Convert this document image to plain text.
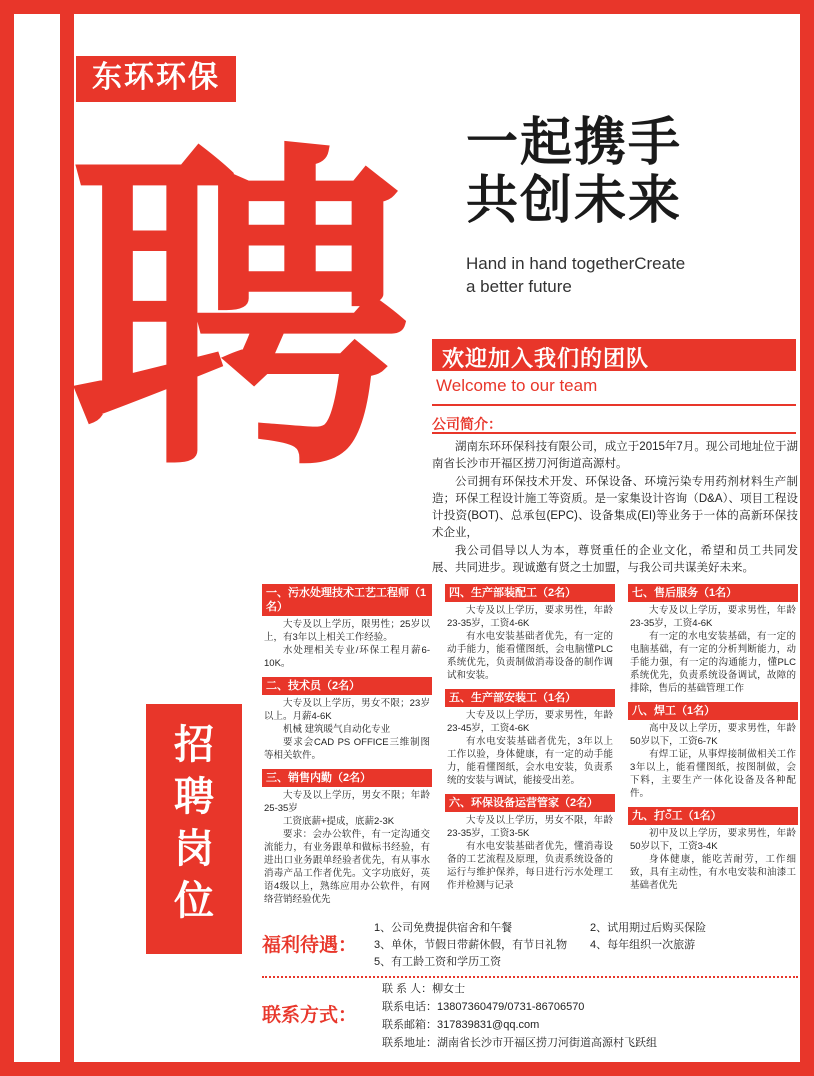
东环环保
聘
招聘岗位
一起携手
共创未来
Hand in hand togetherCreate
a better future
欢迎加入我们的团队
Welcome to our team
公司简介：

湖南东环环保科技有限公司，成立于2015年7月。现公司地址位于湖南省长沙市开福区捞刀河街道高源村。

公司拥有环保技术开发、环保设备、环境污染专用药剂材料生产制造；环保工程设计施工等资质。是一家集设计咨询（D&A）、项目工程设计投资(BOT)、总承包(EPC)、设备集成(EI)等业务于一体的高新环保技术企业，

我公司倡导以人为本，尊贤重任的企业文化，希望和员工共同发展、共同进步。现诚邀有贤之士加盟，与我公司共谋美好未来。

一、污水处理技术工艺工程师（1名）
大专及以上学历，限男性；25岁以上，有3年以上相关工作经验。
水处理相关专业/环保工程月薪6-10K。
二、技术员（2名）
大专及以上学历，男女不限；23岁以上。月薪4-6K
机械 建筑暖气自动化专业
要求会CAD PS OFFICE三维制图等相关软件。
三、销售内勤（2名）
大专及以上学历，男女不限；年龄25-35岁
工资底薪+提成，底薪2-3K
要求：会办公软件，有一定沟通交流能力，有业务跟单和做标书经验，有进出口业务跟单经验者优先，有从事水消毒产品工作者优先。文字功底好，英语4级以上，熟练应用办公软件，有网络营销经验优先
四、生产部装配工（2名）
大专及以上学历，要求男性，年龄23-35岁，工资4-6K
有水电安装基础者优先，有一定的动手能力，能看懂图纸，会电脑懂PLC系统优先，负责制做消毒设备的制作调试和安装。
五、生产部安装工（1名）
大专及以上学历，要求男性，年龄23-45岁，工资4-6K
有水电安装基础者优先，3年以上工作以验，身体健康，有一定的动手能力，能看懂图纸，会水电安装，负责系统的安装与调试，能接受出差。
六、环保设备运营管家（2名）
大专及以上学历，男女不限，年龄23-35岁，工资3-5K
有水电安装基础者优先，懂消毒设备的工艺流程及原理，负责系统设备的运行与维护保养，每日进行污水处理工作并检测与记录
七、售后服务（1名）
大专及以上学历，要求男性，年龄23-35岁，工资4-6K
有一定的水电安装基础，有一定的电脑基础，有一定的分析判断能力，动手能力强，有一定的沟通能力，懂PLC系统优先，负责系统设备调试，故障的排除，售后的基础管理工作
八、焊工（1名）
高中及以上学历，要求男性，年龄50岁以下，工资6-7K
有焊工证，从事焊接制做相关工作3年以上，能看懂图纸，按图制做，会下料，主要生产一体化设备及各种配件。
九、打ँ工（1名）
初中及以上学历，要求男性，年龄50岁以下，工资3-4K
身体健康，能吃苦耐劳，工作细致，具有主动性，有水电安装和油漆工基础者优先
福利待遇：
1、公司免费提供宿舍和午餐	2、试用期过后购买保险
3、单休，节假日带薪休假，有节日礼物	4、每年组织一次旅游
5、有工龄工资和学历工资
联系方式：
联 系 人：柳女士
联系电话：13807360479/0731-86706570
联系邮箱：317839831@qq.com
联系地址：湖南省长沙市开福区捞刀河街道高源村飞跃组
